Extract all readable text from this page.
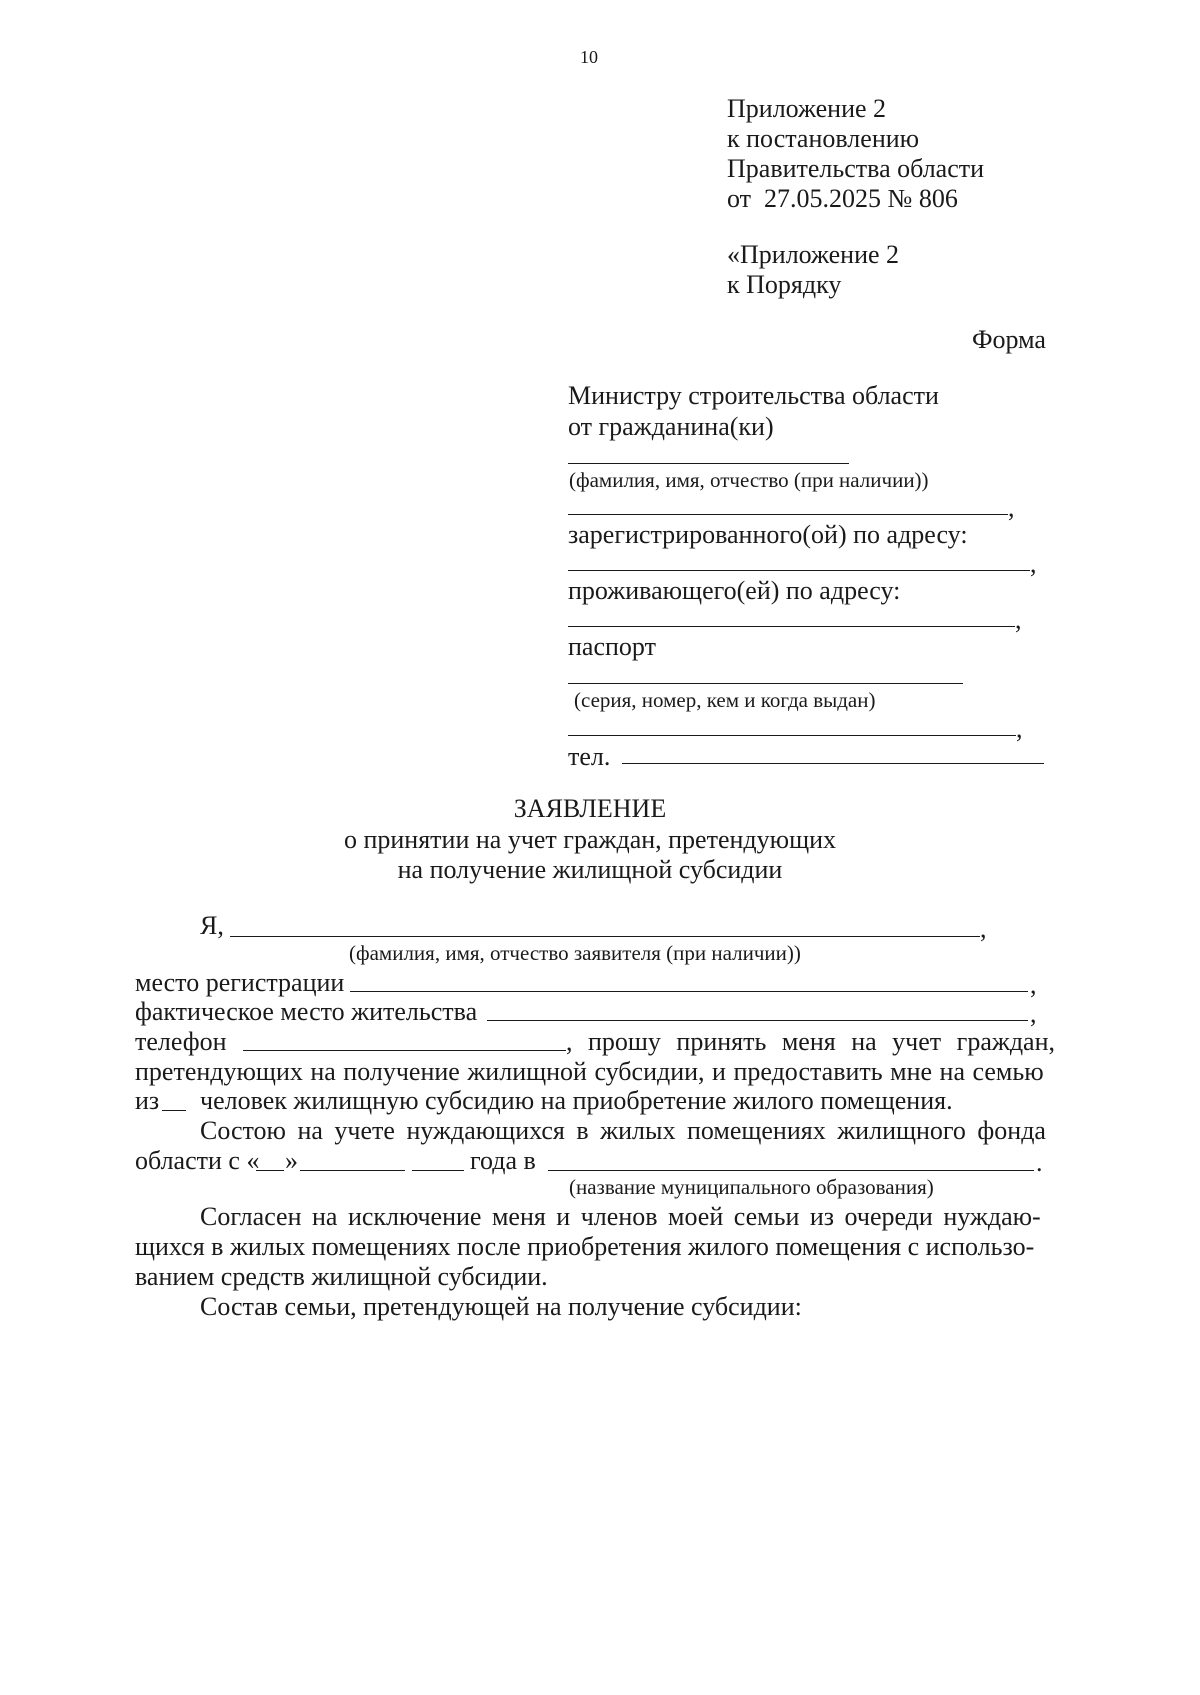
10
Приложение 2
к постановлению
Правительства области
от  27.05.2025 № 806
«Приложение 2
к Порядку
Форма
Министру строительства области
от гражданина(ки)
(фамилия, имя, отчество (при наличии))
,
зарегистрированного(ой) по адресу:
,
проживающего(ей) по адресу:
,
паспорт
(серия, номер, кем и когда выдан)
,
тел.
ЗАЯВЛЕНИЕ
о принятии на учет граждан, претендующих
на получение жилищной субсидии
Я,	,
(фамилия, имя, отчество заявителя (при наличии))
место регистрации	,
фактическое место жительства	,
телефон	, прошу принять меня на учет граждан,
претендующих на получение жилищной субсидии, и предоставить мне на семью
из человек жилищную субсидию на приобретение жилого помещения.
Состою на учете нуждающихся в жилых помещениях жилищного фонда
области с « »	года в	.
(название муниципального образования)
Согласен на исключение меня и членов моей семьи из очереди нуждаю-
щихся в жилых помещениях после приобретения жилого помещения с использо-
ванием средств жилищной субсидии.
Состав семьи, претендующей на получение субсидии:
